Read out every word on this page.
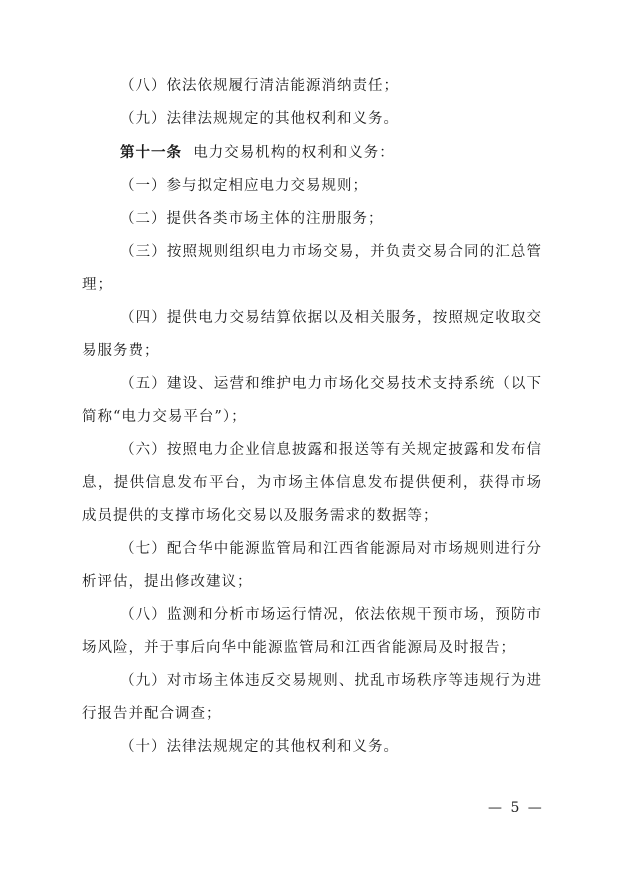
（八）依法依规履行清洁能源消纳责任；

（九）法律法规规定的其他权利和义务。

第十一条 电力交易机构的权利和义务：

（一）参与拟定相应电力交易规则；

（二）提供各类市场主体的注册服务；

（三）按照规则组织电力市场交易，并负责交易合同的汇总管理；

（四）提供电力交易结算依据以及相关服务，按照规定收取交易服务费；

（五）建设、运营和维护电力市场化交易技术支持系统（以下简称“电力交易平台”）；

（六）按照电力企业信息披露和报送等有关规定披露和发布信息，提供信息发布平台，为市场主体信息发布提供便利，获得市场成员提供的支撑市场化交易以及服务需求的数据等；

（七）配合华中能源监管局和江西省能源局对市场规则进行分析评估，提出修改建议；

（八）监测和分析市场运行情况，依法依规干预市场，预防市场风险，并于事后向华中能源监管局和江西省能源局及时报告；

（九）对市场主体违反交易规则、扰乱市场秩序等违规行为进行报告并配合调查；

（十）法律法规规定的其他权利和义务。

— 5 —
